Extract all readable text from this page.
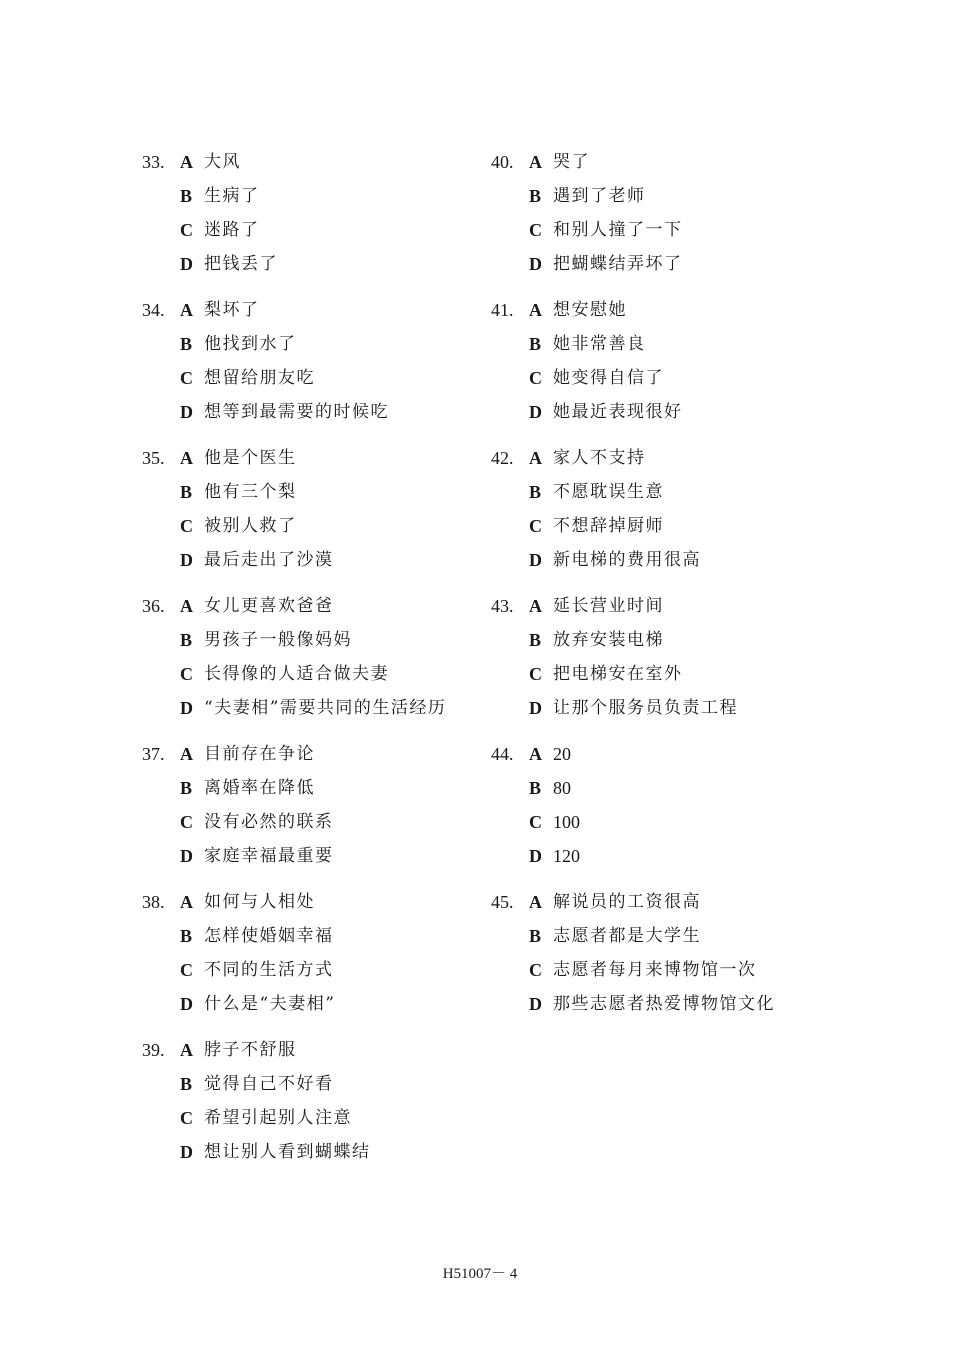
33. A 大风
B 生病了
C 迷路了
D 把钱丢了
34. A 梨坏了
B 他找到水了
C 想留给朋友吃
D 想等到最需要的时候吃
35. A 他是个医生
B 他有三个梨
C 被别人救了
D 最后走出了沙漠
36. A 女儿更喜欢爸爸
B 男孩子一般像妈妈
C 长得像的人适合做夫妻
D “夫妻相”需要共同的生活经历
37. A 目前存在争论
B 离婚率在降低
C 没有必然的联系
D 家庭幸福最重要
38. A 如何与人相处
B 怎样使婚姻幸福
C 不同的生活方式
D 什么是“夫妻相”
39. A 脖子不舒服
B 觉得自己不好看
C 希望引起别人注意
D 想让别人看到蝴蝶结
40. A 哭了
B 遇到了老师
C 和别人撞了一下
D 把蝴蝶结弄坏了
41. A 想安慰她
B 她非常善良
C 她变得自信了
D 她最近表现很好
42. A 家人不支持
B 不愿耽误生意
C 不想辞掉厨师
D 新电梯的费用很高
43. A 延长营业时间
B 放弃安装电梯
C 把电梯安在室外
D 让那个服务员负责工程
44. A 20
B 80
C 100
D 120
45. A 解说员的工资很高
B 志愿者都是大学生
C 志愿者每月来博物馆一次
D 那些志愿者热爱博物馆文化
H51007－ 4
